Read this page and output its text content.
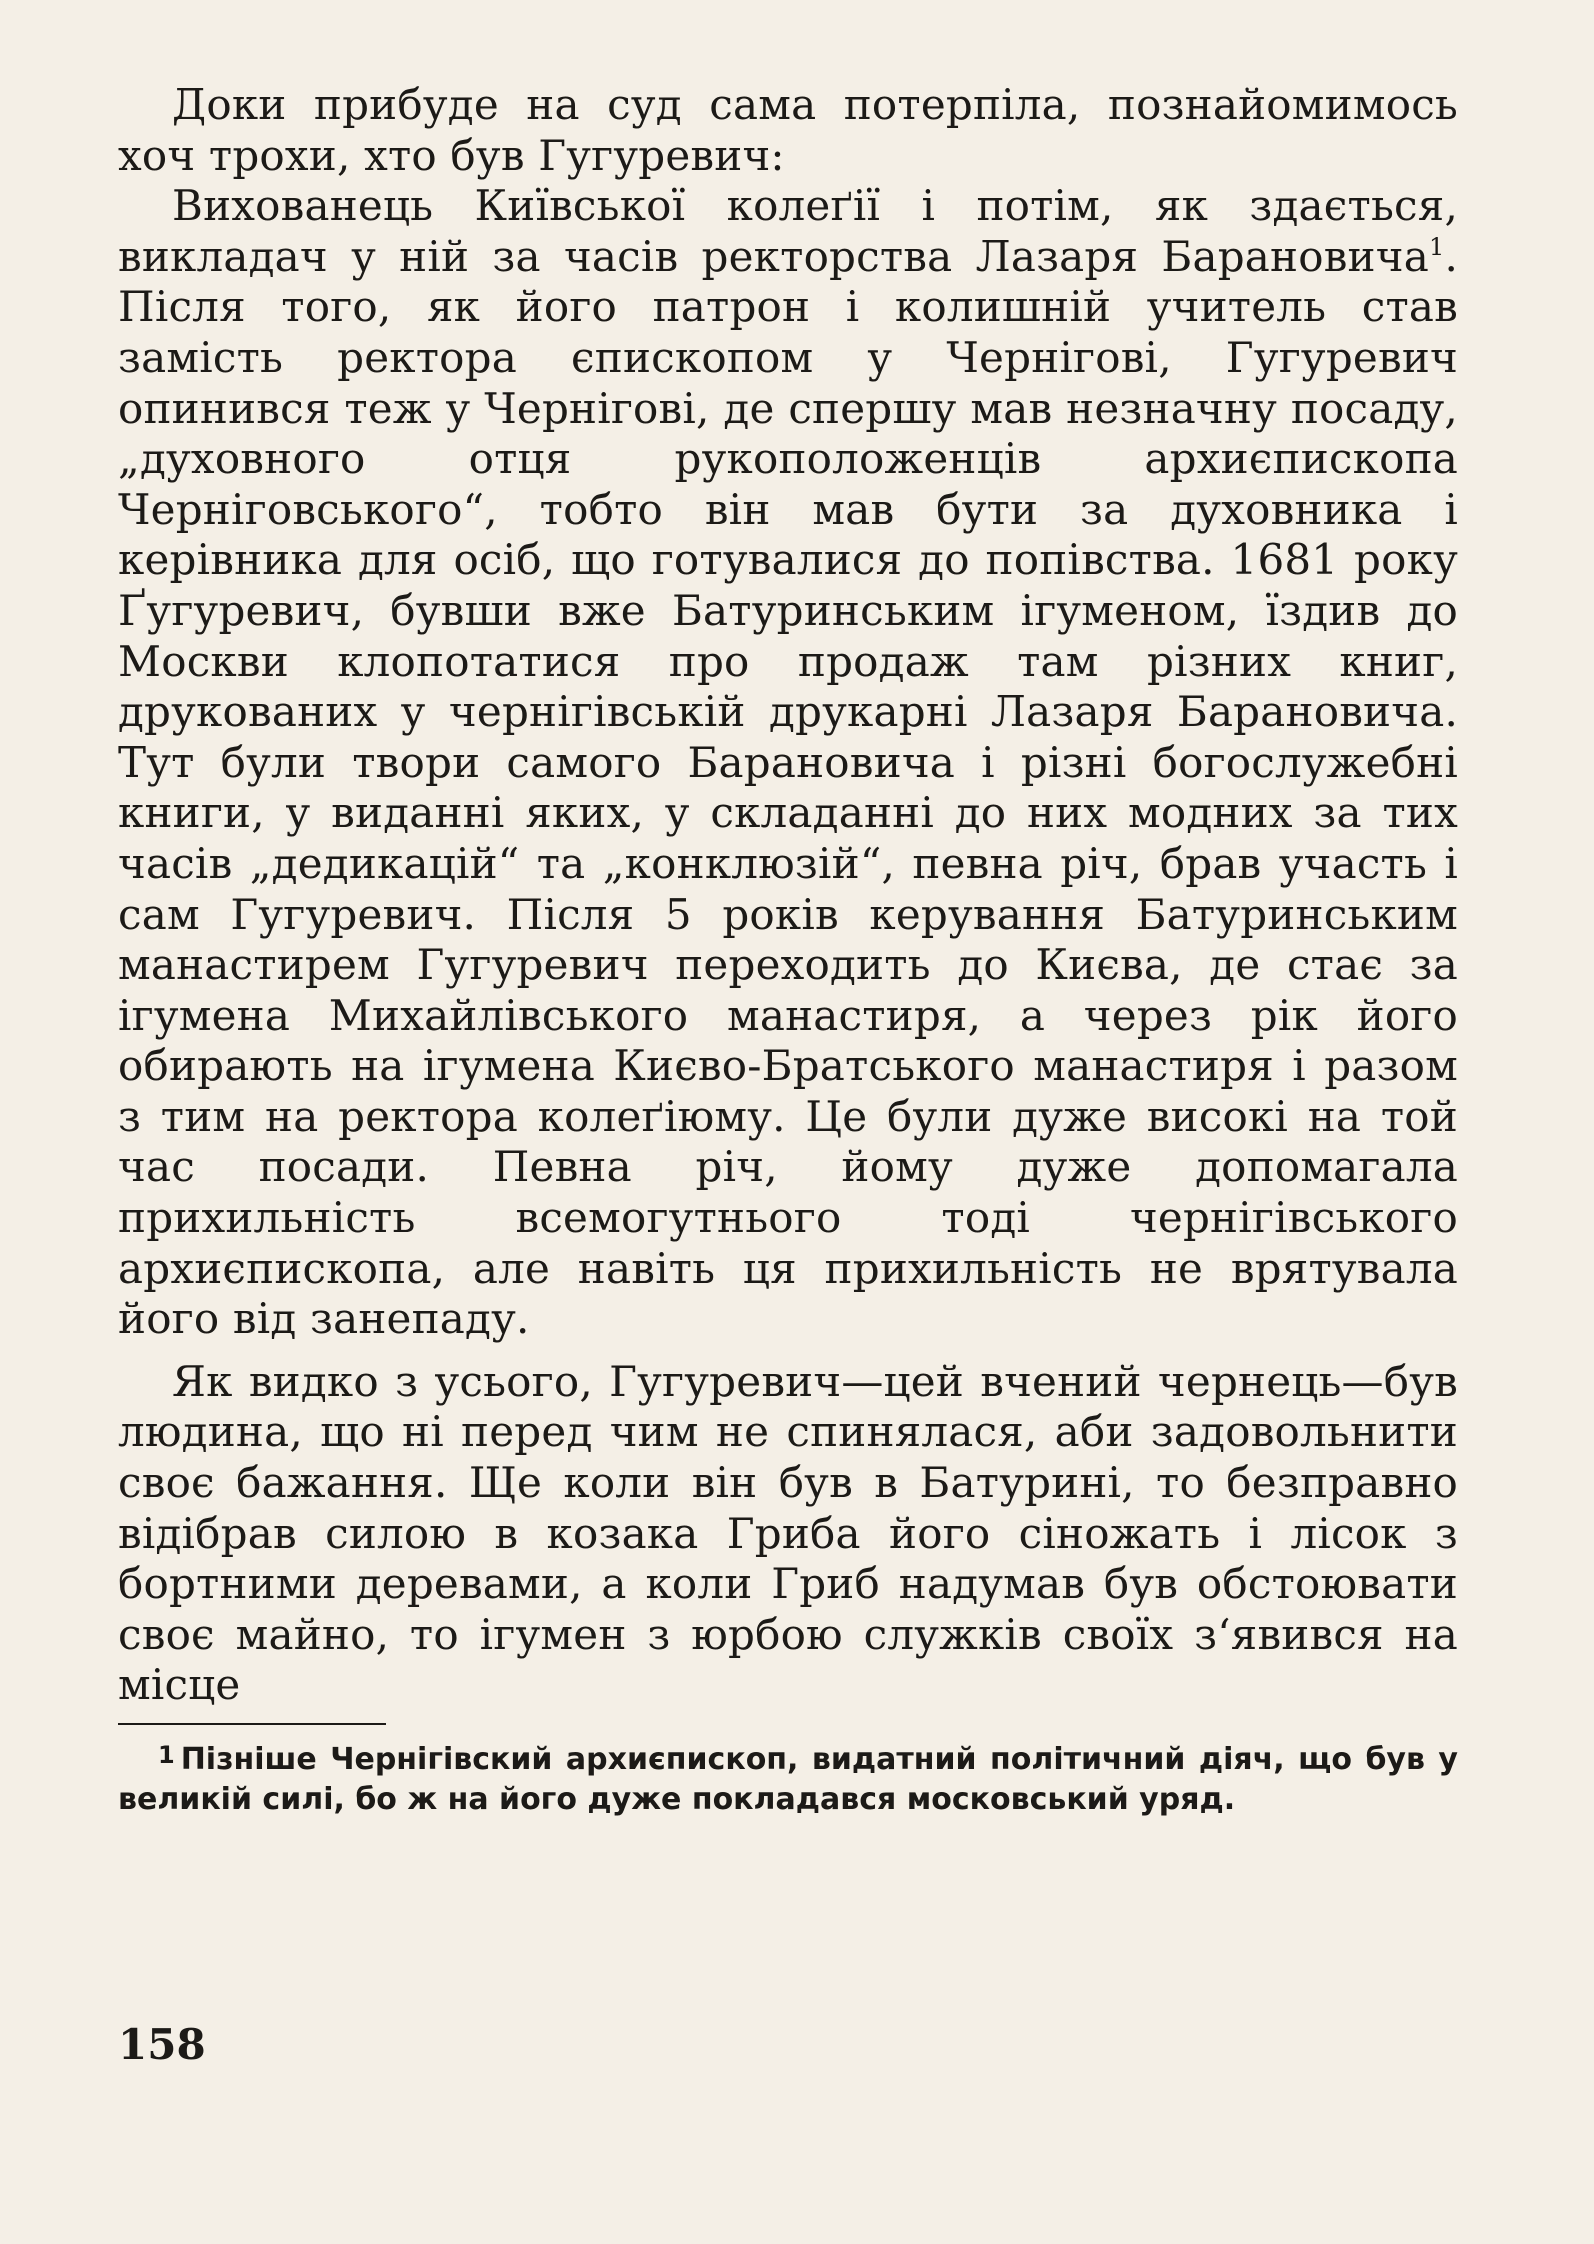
Доки прибуде на суд сама потерпіла, познайомимось хоч трохи, хто був Гугуревич:

Вихованець Київської колеґії і потім, як здається, викладач у ній за часів ректорства Лазаря Барановича$^1$. Після того, як його патрон і колишній учитель став замість ректора єпископом у Чернігові, Гугуревич опинився теж у Чернігові, де спершу мав незначну посаду, „духовного отця рукоположенців архиєпископа Черніговського“, тобто він мав бути за духовника і керівника для осіб, що готувалися до попівства. 1681 року Ґугуревич, бувши вже Батуринським ігуменом, їздив до Москви клопотатися про продаж там різних книг, друкованих у чернігівській друкарні Лазаря Барановича. Тут були твори самого Барановича і різні богослужебні книги, у виданні яких, у складанні до них модних за тих часів „дедикацій“ та „конклюзій“, певна річ, брав участь і сам Гугуревич. Після 5 років керування Батуринським манастирем Гугуревич переходить до Києва, де стає за ігумена Михайлівського манастиря, а через рік його обирають на ігумена Києво-Братського манастиря і разом з тим на ректора колеґіюму. Це були дуже високі на той час посади. Певна річ, йому дуже допомагала прихильність всемогутнього тоді чернігівського архиєпископа, але навіть ця прихильність не врятувала його від занепаду.

Як видко з усього, Гугуревич—цей вчений чернець—був людина, що ні перед чим не спинялася, аби задовольнити своє бажання. Ще коли він був в Батурині, то безправно відібрав силою в козака Гриба його сіножать і лісок з бортними деревами, а коли Гриб надумав був обстоювати своє майно, то ігумен з юрбою служків своїх з‘явився на місце

$^1$ Пізніше Чернігівский архиєпископ, видатний політичний діяч, що був у великій силі, бо ж на його дуже покладався московський уряд.

158
